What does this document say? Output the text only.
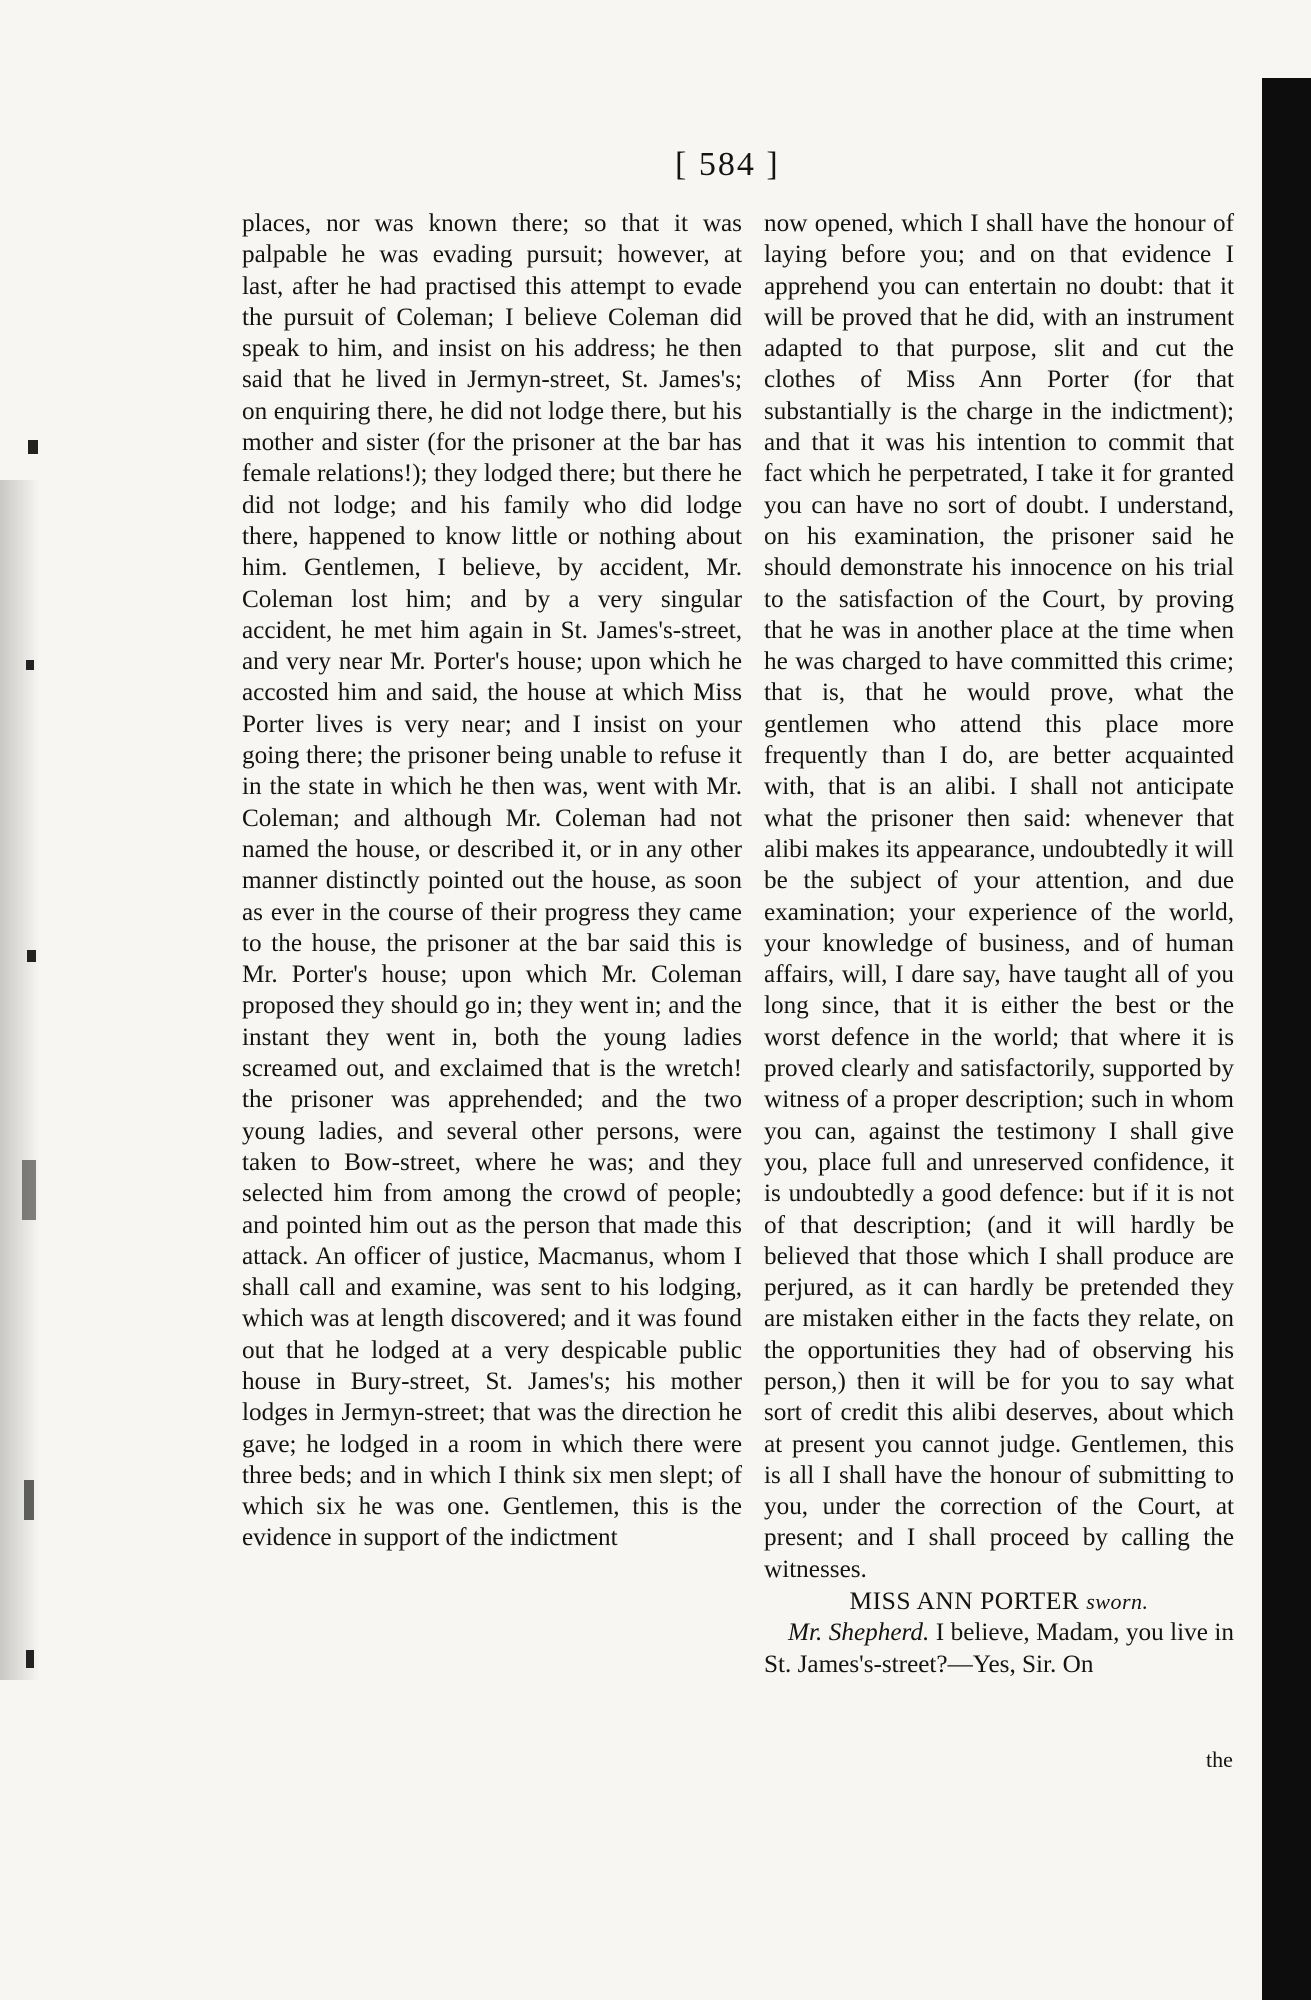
[ 584 ]

places, nor was known there; so that it was palpable he was evading pursuit; however, at last, after he had practised this attempt to evade the pursuit of Coleman; I believe Coleman did speak to him, and insist on his address; he then said that he lived in Jermyn-street, St. James's; on enquiring there, he did not lodge there, but his mother and sister (for the prisoner at the bar has female relations!); they lodged there; but there he did not lodge; and his family who did lodge there, happened to know little or nothing about him. Gentlemen, I believe, by accident, Mr. Coleman lost him; and by a very singular accident, he met him again in St. James's-street, and very near Mr. Porter's house; upon which he accosted him and said, the house at which Miss Porter lives is very near; and I insist on your going there; the prisoner being unable to refuse it in the state in which he then was, went with Mr. Coleman; and although Mr. Coleman had not named the house, or described it, or in any other manner distinctly pointed out the house, as soon as ever in the course of their progress they came to the house, the prisoner at the bar said this is Mr. Porter's house; upon which Mr. Coleman proposed they should go in; they went in; and the instant they went in, both the young ladies screamed out, and exclaimed that is the wretch! the prisoner was apprehended; and the two young ladies, and several other persons, were taken to Bow-street, where he was; and they selected him from among the crowd of people; and pointed him out as the person that made this attack. An officer of justice, Macmanus, whom I shall call and examine, was sent to his lodging, which was at length discovered; and it was found out that he lodged at a very despicable public house in Bury-street, St. James's; his mother lodges in Jermyn-street; that was the direction he gave; he lodged in a room in which there were three beds; and in which I think six men slept; of which six he was one. Gentlemen, this is the evidence in support of the indictment

now opened, which I shall have the honour of laying before you; and on that evidence I apprehend you can entertain no doubt: that it will be proved that he did, with an instrument adapted to that purpose, slit and cut the clothes of Miss Ann Porter (for that substantially is the charge in the indictment); and that it was his intention to commit that fact which he perpetrated, I take it for granted you can have no sort of doubt. I understand, on his examination, the prisoner said he should demonstrate his innocence on his trial to the satisfaction of the Court, by proving that he was in another place at the time when he was charged to have committed this crime; that is, that he would prove, what the gentlemen who attend this place more frequently than I do, are better acquainted with, that is an alibi. I shall not anticipate what the prisoner then said: whenever that alibi makes its appearance, undoubtedly it will be the subject of your attention, and due examination; your experience of the world, your knowledge of business, and of human affairs, will, I dare say, have taught all of you long since, that it is either the best or the worst defence in the world; that where it is proved clearly and satisfactorily, supported by witness of a proper description; such in whom you can, against the testimony I shall give you, place full and unreserved confidence, it is undoubtedly a good defence: but if it is not of that description; (and it will hardly be believed that those which I shall produce are perjured, as it can hardly be pretended they are mistaken either in the facts they relate, on the opportunities they had of observing his person,) then it will be for you to say what sort of credit this alibi deserves, about which at present you cannot judge. Gentlemen, this is all I shall have the honour of submitting to you, under the correction of the Court, at present; and I shall proceed by calling the witnesses.

MISS ANN PORTER sworn.

Mr. Shepherd. I believe, Madam, you live in St. James's-street?—Yes, Sir. On

the
